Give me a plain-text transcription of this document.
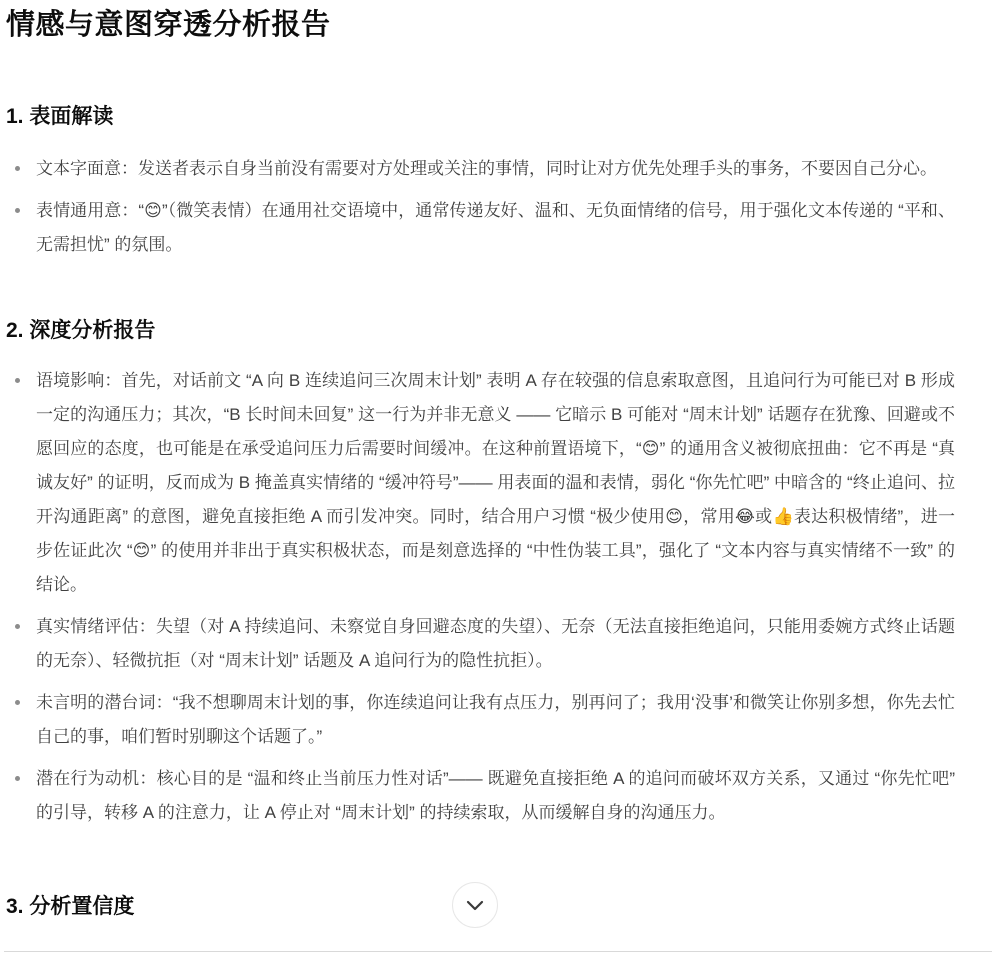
情感与意图穿透分析报告
1. 表面解读
文本字面意：发送者表示自身当前没有需要对方处理或关注的事情，同时让对方优先处理手头的事务，不要因自己分心。
表情通用意：“😊”（微笑表情）在通用社交语境中，通常传递友好、温和、无负面情绪的信号，用于强化文本传递的 “平和、无需担忧” 的氛围。
2. 深度分析报告
语境影响：首先，对话前文 “A 向 B 连续追问三次周末计划” 表明 A 存在较强的信息索取意图，且追问行为可能已对 B 形成一定的沟通压力；其次，“B 长时间未回复” 这一行为并非无意义 —— 它暗示 B 可能对 “周末计划” 话题存在犹豫、回避或不愿回应的态度，也可能是在承受追问压力后需要时间缓冲。在这种前置语境下，“😊” 的通用含义被彻底扭曲：它不再是 “真诚友好” 的证明，反而成为 B 掩盖真实情绪的 “缓冲符号”—— 用表面的温和表情，弱化 “你先忙吧” 中暗含的 “终止追问、拉开沟通距离” 的意图，避免直接拒绝 A 而引发冲突。同时，结合用户习惯 “极少使用😊，常用😂或👍表达积极情绪”，进一步佐证此次 “😊” 的使用并非出于真实积极状态，而是刻意选择的 “中性伪装工具”，强化了 “文本内容与真实情绪不一致” 的结论。
真实情绪评估：失望（对 A 持续追问、未察觉自身回避态度的失望）、无奈（无法直接拒绝追问，只能用委婉方式终止话题的无奈）、轻微抗拒（对 “周末计划” 话题及 A 追问行为的隐性抗拒）。
未言明的潜台词：“我不想聊周末计划的事，你连续追问让我有点压力，别再问了；我用‘没事’和微笑让你别多想，你先去忙自己的事，咱们暂时别聊这个话题了。”
潜在行为动机：核心目的是 “温和终止当前压力性对话”—— 既避免直接拒绝 A 的追问而破坏双方关系，又通过 “你先忙吧” 的引导，转移 A 的注意力，让 A 停止对 “周末计划” 的持续索取，从而缓解自身的沟通压力。
3. 分析置信度
